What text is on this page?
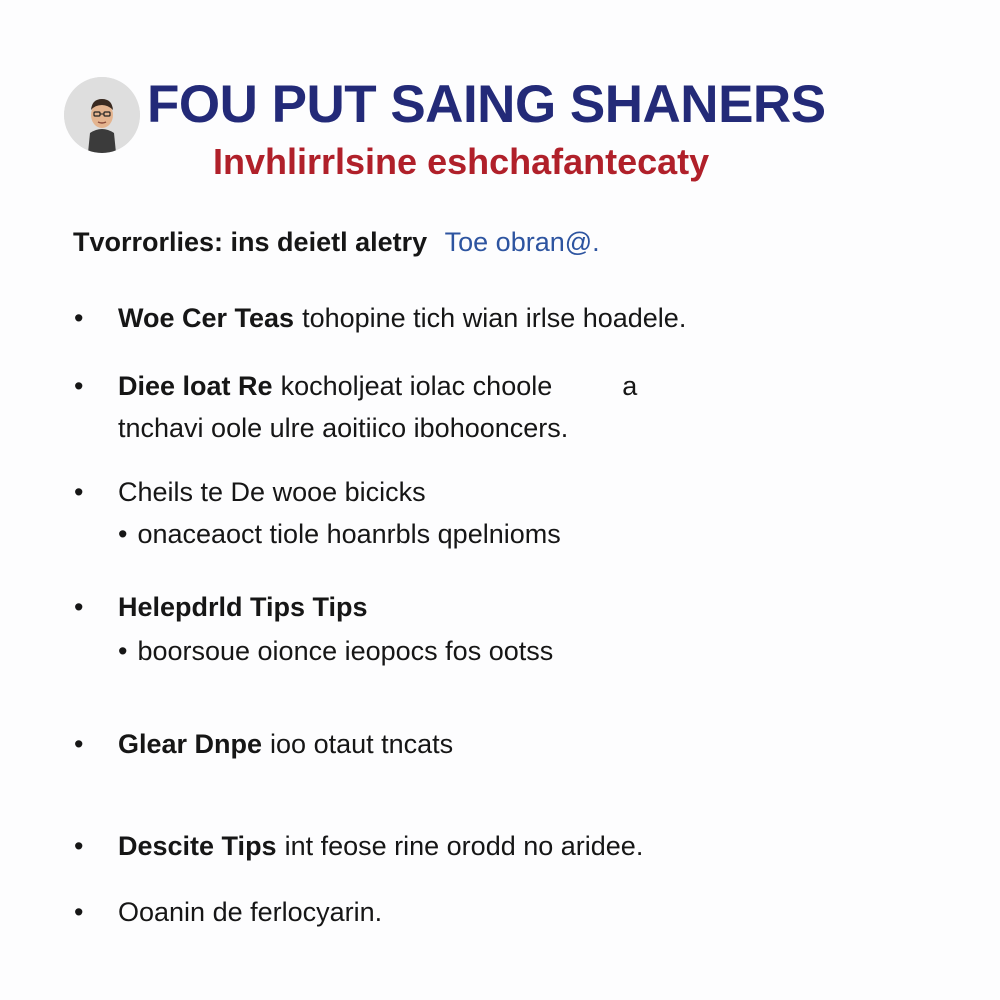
FOU PUT SAING SHANERS
Invhlirrlsine eshchafantecaty
Tvorrorlies: ins deietl aletry Toe obran@.
•	Woe Cer Teas tohopine tich wian irlse hoadele.
•	Diee loat Re kocholjeat iolac choole	a
tnchavi oole ulre aoitiico ibohooncers.
•	Cheils te De wooe bicicks
• onaceaoct tiole hoanrbls qpelnioms
•	Helepdrld Tips Tips
• boorsoue oionce ieopocs fos ootss
•	Glear Dnpe ioo otaut tncats
•	Descite Tips int feose rine orodd no aridee.
•	Ooanin de ferlocyarin.
